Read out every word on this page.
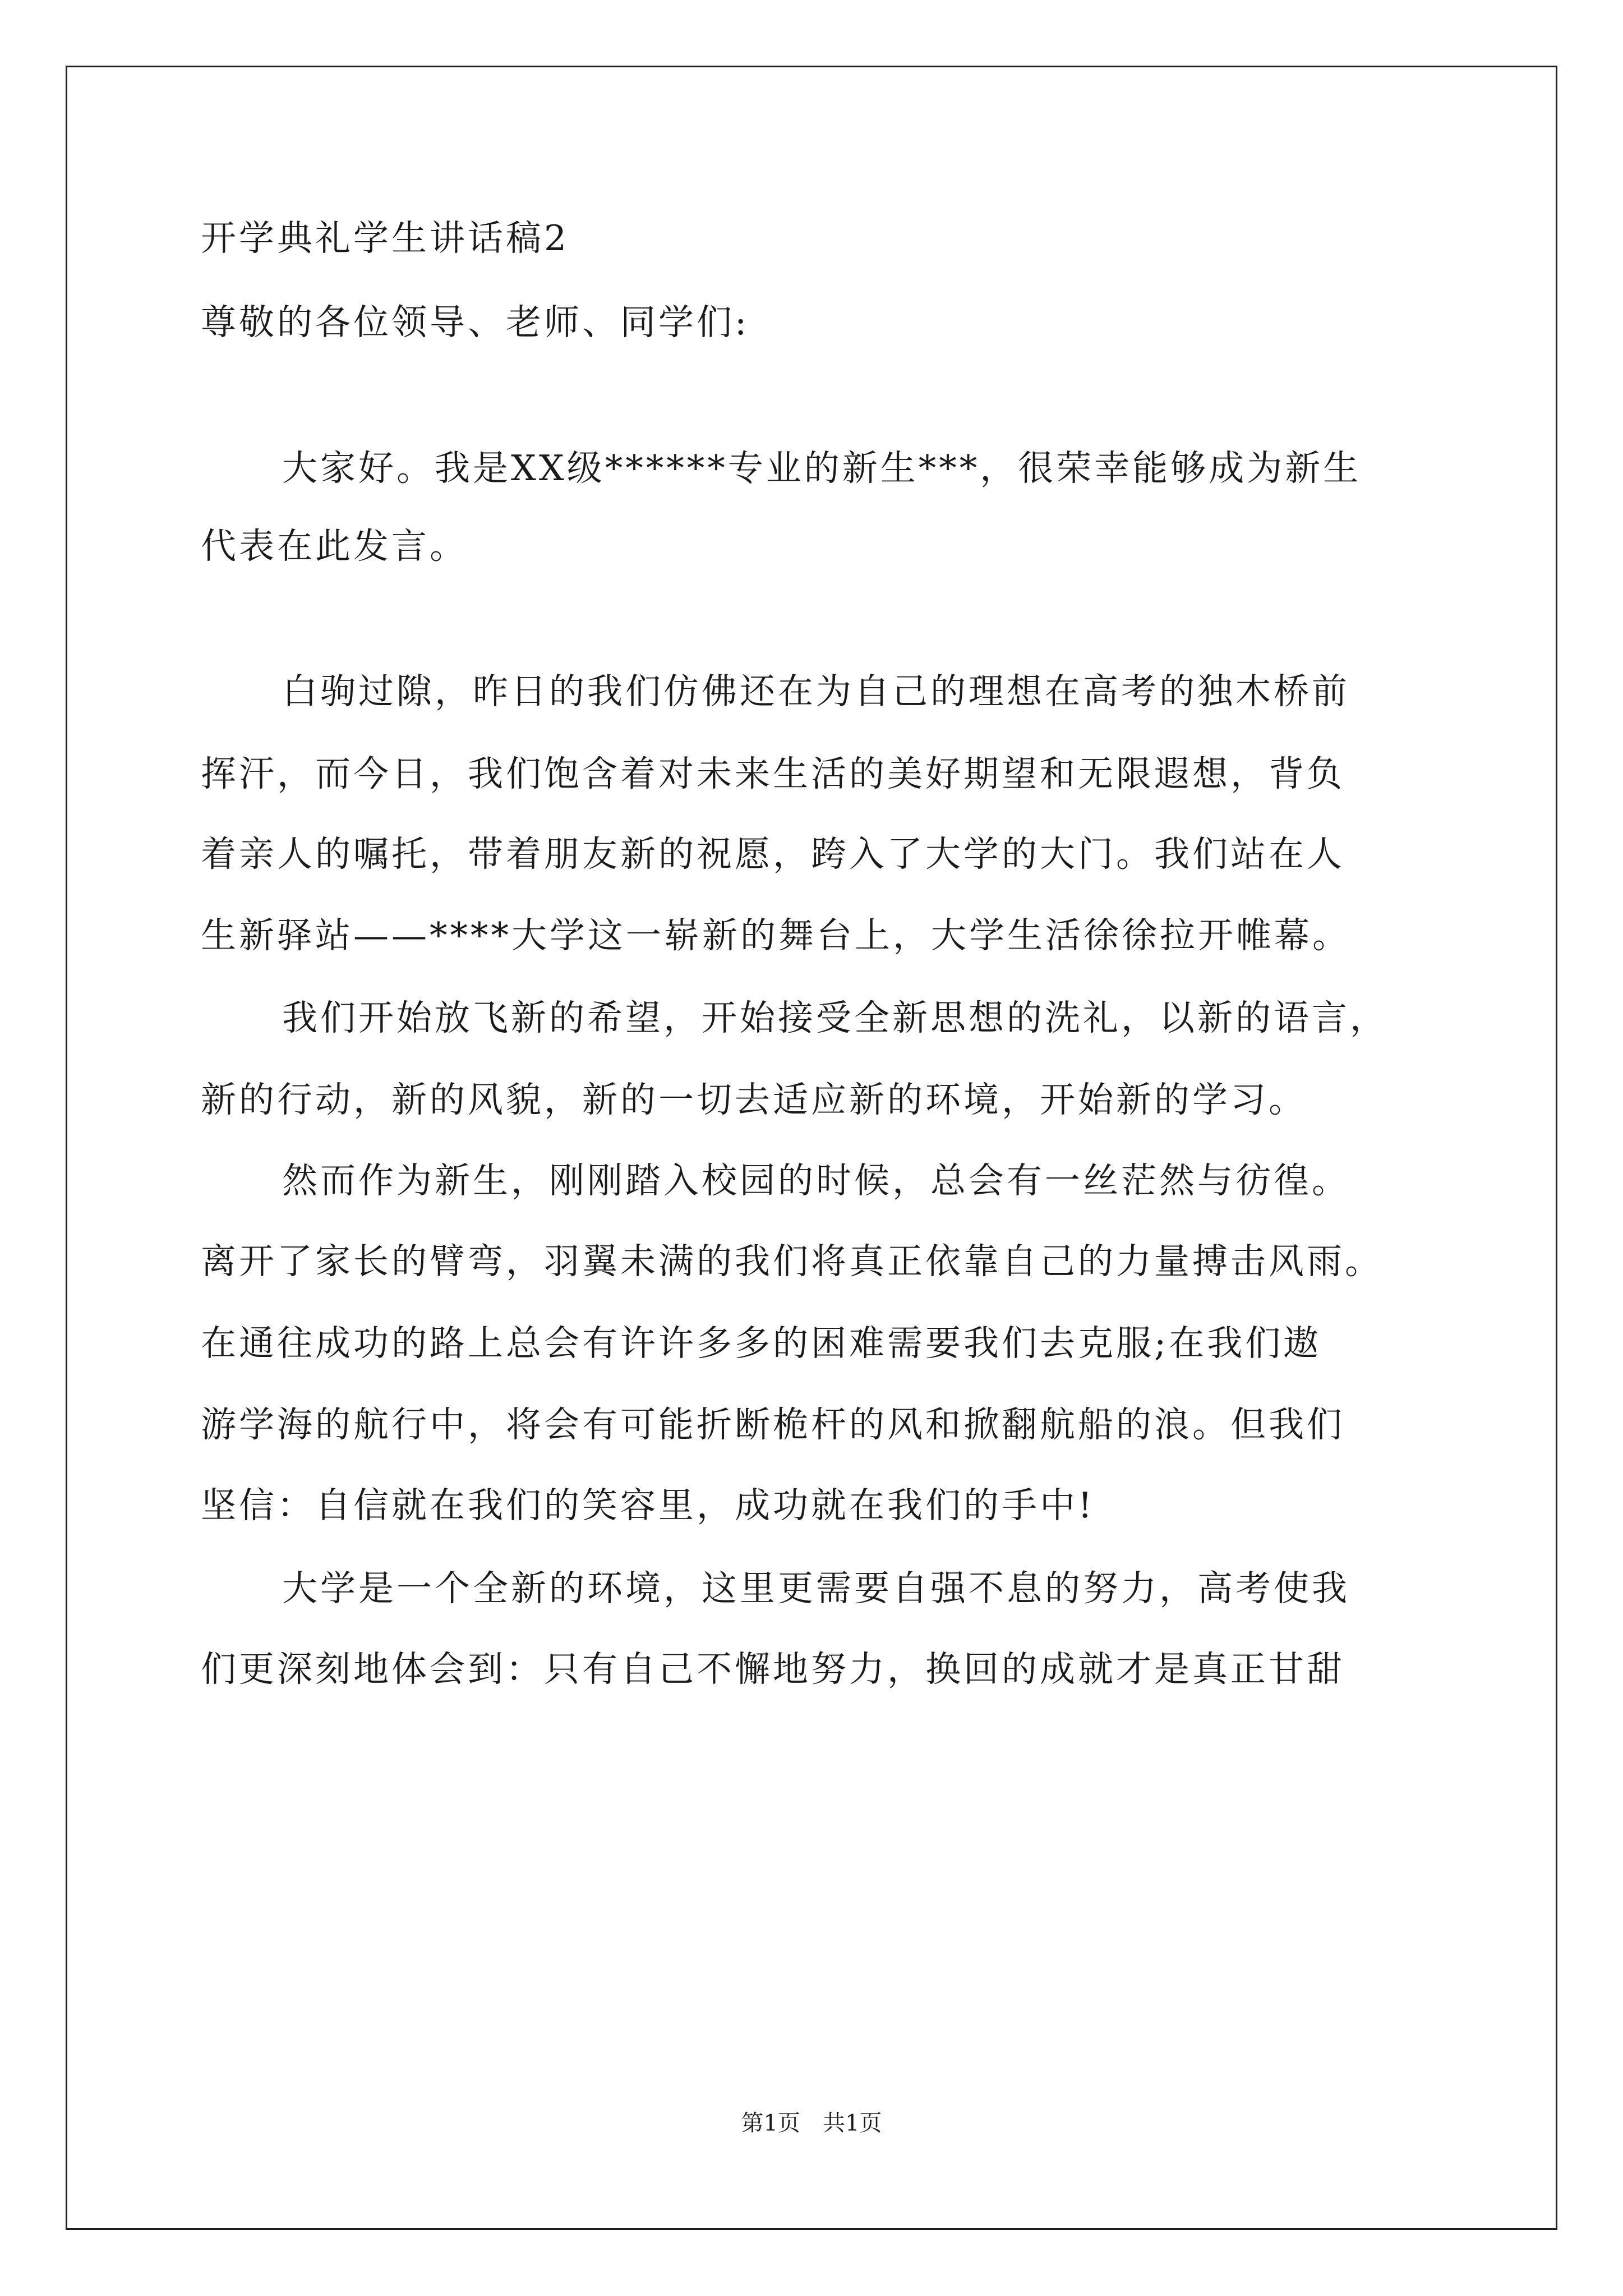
开学典礼学生讲话稿2
尊敬的各位领导、老师、同学们:
大家好。我是XX级******专业的新生***，很荣幸能够成为新生
代表在此发言。
白驹过隙，昨日的我们仿佛还在为自己的理想在高考的独木桥前
挥汗，而今日，我们饱含着对未来生活的美好期望和无限遐想，背负
着亲人的嘱托，带着朋友新的祝愿，跨入了大学的大门。我们站在人
生新驿站——****大学这一崭新的舞台上，大学生活徐徐拉开帷幕。
我们开始放飞新的希望，开始接受全新思想的洗礼，以新的语言，
新的行动，新的风貌，新的一切去适应新的环境，开始新的学习。
然而作为新生，刚刚踏入校园的时候，总会有一丝茫然与彷徨。
离开了家长的臂弯，羽翼未满的我们将真正依靠自己的力量搏击风雨。
在通往成功的路上总会有许许多多的困难需要我们去克服;在我们遨
游学海的航行中，将会有可能折断桅杆的风和掀翻航船的浪。但我们
坚信：自信就在我们的笑容里，成功就在我们的手中!
大学是一个全新的环境，这里更需要自强不息的努力，高考使我
们更深刻地体会到：只有自己不懈地努力，换回的成就才是真正甘甜
第1页　共1页
